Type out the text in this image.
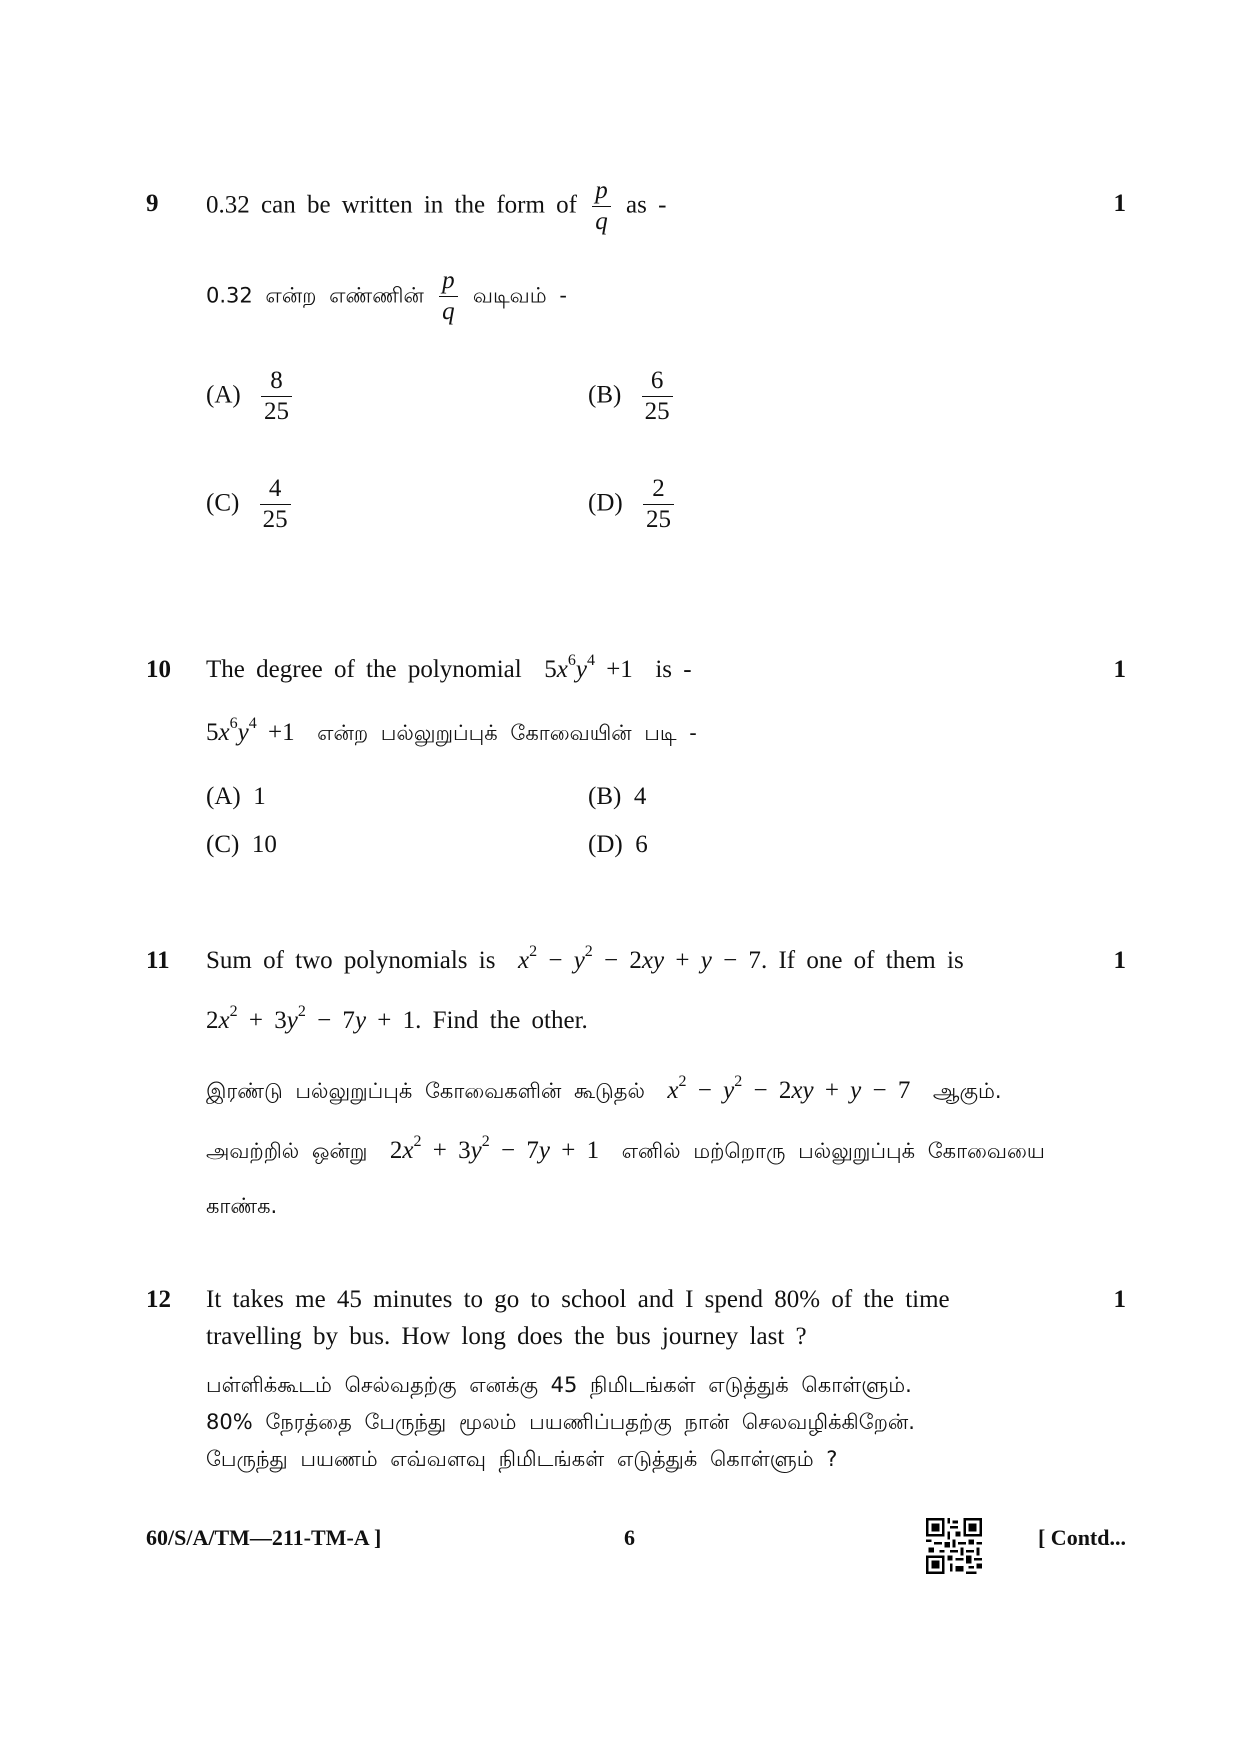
9	1
0.32 can be written in the form of $\frac{p}{q}$ as -
0.32 என்ற எண்ணின் $\frac{p}{q}$ வடிவம் -
$(A) \frac{8}{25}$	$(B) \frac{6}{25}$
$(C) \frac{4}{25}$	$(D) \frac{2}{25}$
10	1
The degree of the polynomial  $5x^6y^4 +1$  is -
$5x^6y^4 +1$  என்ற பல்லுறுப்புக் கோவையின் படி -
(A) 1	(B) 4
(C) 10	(D) 6
11	1
Sum of two polynomials is $x^2 - y^2 - 2xy + y - 7$. If one of them is
$2x^2 + 3y^2 - 7y + 1$. Find the other.
இரண்டு பல்லுறுப்புக் கோவைகளின் கூடுதல் $x^2 - y^2 - 2xy + y - 7$  ஆகும்.
அவற்றில் ஒன்று  $2x^2 + 3y^2 - 7y + 1$  எனில் மற்றொரு பல்லுறுப்புக் கோவையை
காண்க.
12	1
It takes me 45 minutes to go to school and I spend 80% of the time
travelling by bus. How long does the bus journey last ?
பள்ளிக்கூடம் செல்வதற்கு எனக்கு 45 நிமிடங்கள் எடுத்துக் கொள்ளும்.
80% நேரத்தை பேருந்து மூலம் பயணிப்பதற்கு நான் செலவழிக்கிறேன்.
பேருந்து பயணம் எவ்வளவு நிமிடங்கள் எடுத்துக் கொள்ளும் ?
60/S/A/TM—211-TM-A ]	6	[ Contd...
